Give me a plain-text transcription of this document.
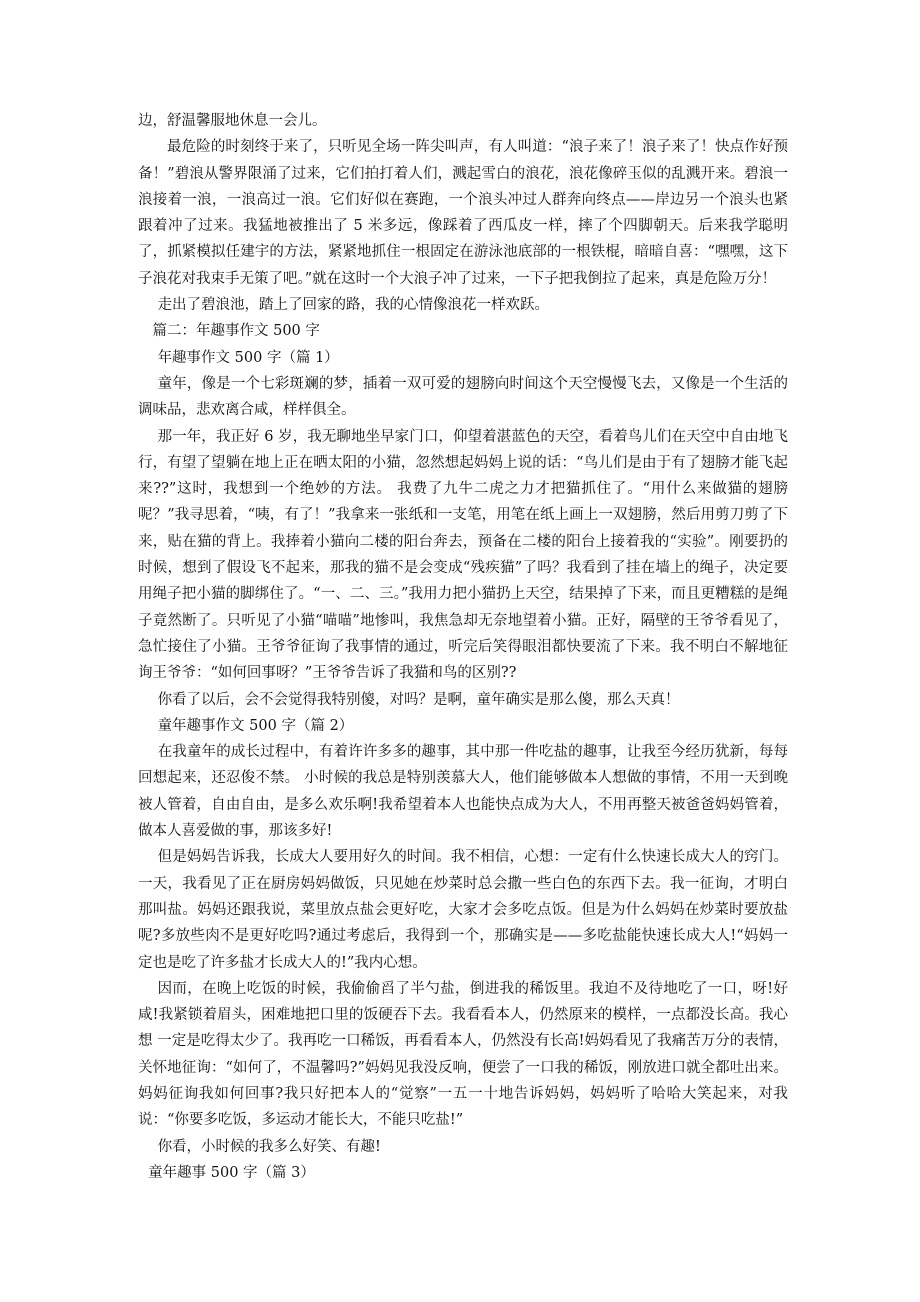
边，舒温馨服地休息一会儿。

最危险的时刻终于来了，只听见全场一阵尖叫声，有人叫道：“浪子来了！浪子来了！快点作好预备！”碧浪从警界限涌了过来，它们拍打着人们，溅起雪白的浪花，浪花像碎玉似的乱溅开来。碧浪一浪接着一浪，一浪高过一浪。它们好似在赛跑，一个浪头冲过人群奔向终点——岸边另一个浪头也紧跟着冲了过来。我猛地被推出了 5 米多远，像踩着了西瓜皮一样，摔了个四脚朝天。后来我学聪明了，抓紧模拟任建宇的方法，紧紧地抓住一根固定在游泳池底部的一根铁棍，暗暗自喜：“嘿嘿，这下子浪花对我束手无策了吧。”就在这时一个大浪子冲了过来，一下子把我倒拉了起来，真是危险万分！

走出了碧浪池，踏上了回家的路，我的心情像浪花一样欢跃。

篇二：年趣事作文 500 字

年趣事作文 500 字（篇 1）

童年，像是一个七彩斑斓的梦，插着一双可爱的翅膀向时间这个天空慢慢飞去，又像是一个生活的调味品，悲欢离合咸，样样俱全。

那一年，我正好 6 岁，我无聊地坐早家门口，仰望着湛蓝色的天空，看着鸟儿们在天空中自由地飞行，有望了望躺在地上正在晒太阳的小猫，忽然想起妈妈上说的话：“鸟儿们是由于有了翅膀才能飞起来??”这时，我想到一个绝妙的方法。 我费了九牛二虎之力才把猫抓住了。“用什么来做猫的翅膀呢？”我寻思着，“咦，有了！”我拿来一张纸和一支笔，用笔在纸上画上一双翅膀，然后用剪刀剪了下来，贴在猫的背上。我捧着小猫向二楼的阳台奔去，预备在二楼的阳台上接着我的“实验”。刚要扔的时候，想到了假设飞不起来，那我的猫不是会变成“残疾猫”了吗？我看到了挂在墙上的绳子，决定要用绳子把小猫的脚绑住了。“一、二、三。”我用力把小猫扔上天空，结果掉了下来，而且更糟糕的是绳子竟然断了。只听见了小猫“喵喵”地惨叫，我焦急却无奈地望着小猫。正好，隔壁的王爷爷看见了，急忙接住了小猫。王爷爷征询了我事情的通过，听完后笑得眼泪都快要流了下来。我不明白不解地征询王爷爷：“如何回事呀？”王爷爷告诉了我猫和鸟的区别??

你看了以后，会不会觉得我特别傻，对吗？是啊，童年确实是那么傻，那么天真！

童年趣事作文 500 字（篇 2）

在我童年的成长过程中，有着许许多多的趣事，其中那一件吃盐的趣事，让我至今经历犹新，每每回想起来，还忍俊不禁。 小时候的我总是特别羡慕大人，他们能够做本人想做的事情，不用一天到晚被人管着，自由自由，是多么欢乐啊!我希望着本人也能快点成为大人，不用再整天被爸爸妈妈管着，做本人喜爱做的事，那该多好!

但是妈妈告诉我，长成大人要用好久的时间。我不相信，心想：一定有什么快速长成大人的窍门。一天，我看见了正在厨房妈妈做饭，只见她在炒菜时总会撒一些白色的东西下去。我一征询，才明白那叫盐。妈妈还跟我说，菜里放点盐会更好吃，大家才会多吃点饭。但是为什么妈妈在炒菜时要放盐呢?多放些肉不是更好吃吗?通过考虑后，我得到一个，那确实是——多吃盐能快速长成大人!“妈妈一定也是吃了许多盐才长成大人的!”我内心想。

因而，在晚上吃饭的时候，我偷偷舀了半勺盐，倒进我的稀饭里。我迫不及待地吃了一口，呀!好咸!我紧锁着眉头，困难地把口里的饭硬吞下去。我看看本人，仍然原来的模样，一点都没长高。我心想 一定是吃得太少了。我再吃一口稀饭，再看看本人，仍然没有长高!妈妈看见了我痛苦万分的表情，关怀地征询：“如何了，不温馨吗?”妈妈见我没反响，便尝了一口我的稀饭，刚放进口就全都吐出来。妈妈征询我如何回事?我只好把本人的“觉察”一五一十地告诉妈妈，妈妈听了哈哈大笑起来，对我说：“你要多吃饭，多运动才能长大，不能只吃盐!”

你看，小时候的我多么好笑、有趣!

童年趣事 500 字（篇 3）
